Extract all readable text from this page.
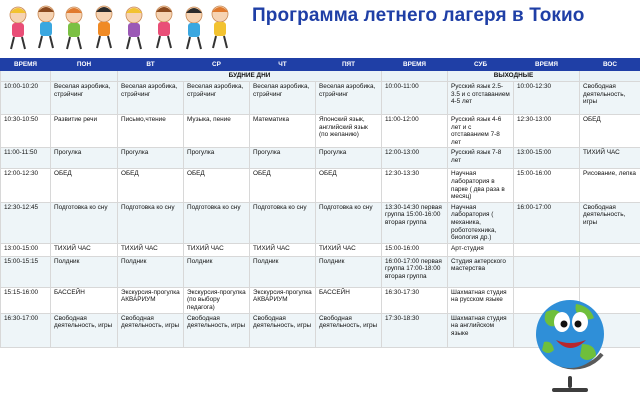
Программа летнего лагеря в Токио
ВРЕМЯ	ПОН	ВТ	СР	ЧТ	ПЯТ	ВРЕМЯ	СУБ	ВРЕМЯ	ВОС
		БУДНИЕ ДНИ					ВЫХОДНЫЕ		
10:00-10:20	Веселая аэробика, стрэйчинг	Веселая аэробика, стрэйчинг	Веселая аэробика, стрэйчинг	Веселая аэробика, стрэйчинг	Веселая аэробика, стрэйчинг	10:00-11:00	Русский язык 2.5-3.5 и с отставанием 4-5 лет	10:00-12:30	Свободная деятельность, игры
10:30-10:50	Развитие речи	Письмо,чтение	Музыка, пение	Математика	Японский язык, английский язык (по желанию)	11:00-12:00	Русский язык 4-6 лет и с отставанием 7-8 лет	12:30-13:00	ОБЕД
11:00-11:50	Прогулка	Прогулка	Прогулка	Прогулка	Прогулка	12:00-13:00	Русский язык 7-8 лет	13:00-15:00	ТИХИЙ ЧАС
12:00-12:30	ОБЕД	ОБЕД	ОБЕД	ОБЕД	ОБЕД	12:30-13:30	Научная лаборатория в парке ( два раза в месяц)	15:00-16:00	Рисование, лепка
12:30-12:45	Подготовка ко сну	Подготовка ко сну	Подготовка ко сну	Подготовка ко сну	Подготовка ко сну	13:30-14:30 первая группа 15:00-16:00 вторая группа	Научная лаборатория ( механика, робототехника, биология др.)	16:00-17:00	Свободная деятельность, игры
13:00-15:00	ТИХИЙ ЧАС	ТИХИЙ ЧАС	ТИХИЙ ЧАС	ТИХИЙ ЧАС	ТИХИЙ ЧАС	15:00-16:00	Арт-студия		
15:00-15:15	Полдник	Полдник	Полдник	Полдник	Полдник	16:00-17:00 первая группа 17:00-18:00 вторая группа	Студия актерского мастерства		
15:15-16:00	БАССЕЙН	Экскурсия-прогулка АКВАРИУМ	Экскурсия-прогулка (по выбору педагога)	Экскурсия-прогулка АКВАРИУМ	БАССЕЙН	16:30-17:30	Шахматная студия на русском языке		
16:30-17:00	Свободная деятельность, игры	Свободная деятельность, игры	Свободная деятельность, игры	Свободная деятельность, игры	Свободная деятельность, игры	17:30-18:30	Шахматная студия на английском языке		
